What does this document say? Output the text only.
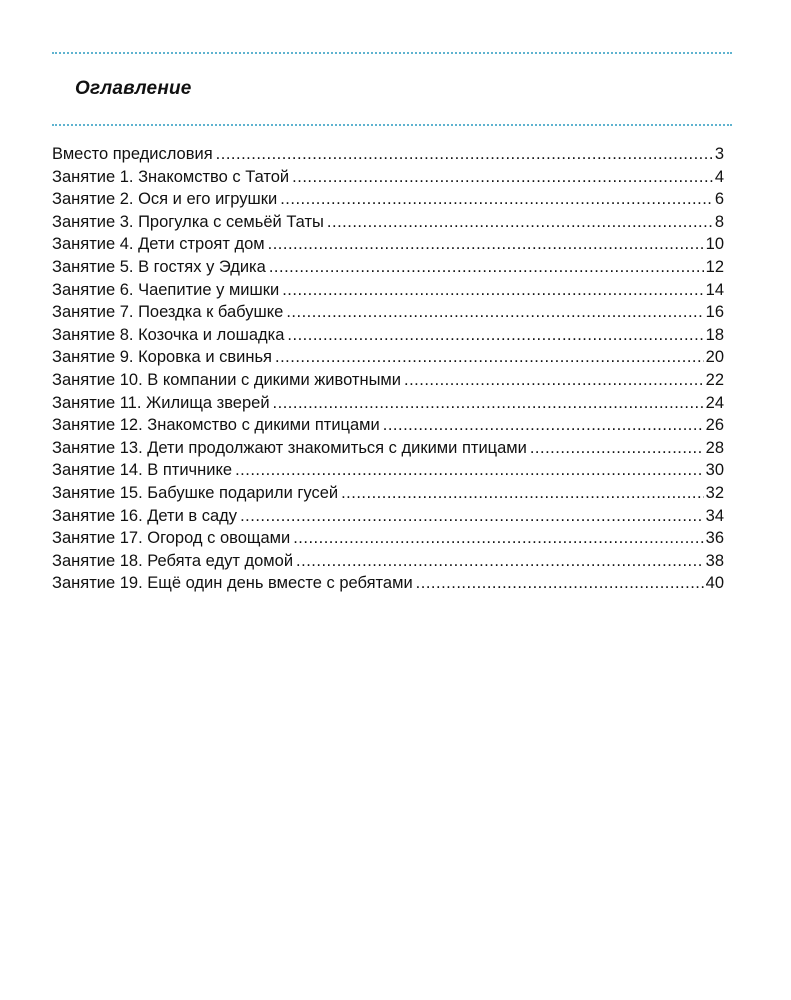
Оглавление
Вместо предисловия .....	3
Занятие 1. Знакомство с Татой .....	4
Занятие 2. Ося и его игрушки .....	6
Занятие 3. Прогулка с семьёй Таты .....	8
Занятие 4. Дети строят дом .....	10
Занятие 5. В гостях у Эдика .....	12
Занятие 6. Чаепитие у мишки .....	14
Занятие 7. Поездка к бабушке .....	16
Занятие 8. Козочка и лошадка .....	18
Занятие 9. Коровка и свинья .....	20
Занятие 10. В компании с дикими животными .....	22
Занятие 11. Жилища зверей .....	24
Занятие 12. Знакомство с дикими птицами .....	26
Занятие 13. Дети продолжают знакомиться с дикими птицами .....	28
Занятие 14. В птичнике .....	30
Занятие 15. Бабушке подарили гусей .....	32
Занятие 16. Дети в саду .....	34
Занятие 17. Огород с овощами .....	36
Занятие 18. Ребята едут домой .....	38
Занятие 19. Ещё один день вместе с ребятами .....	40
